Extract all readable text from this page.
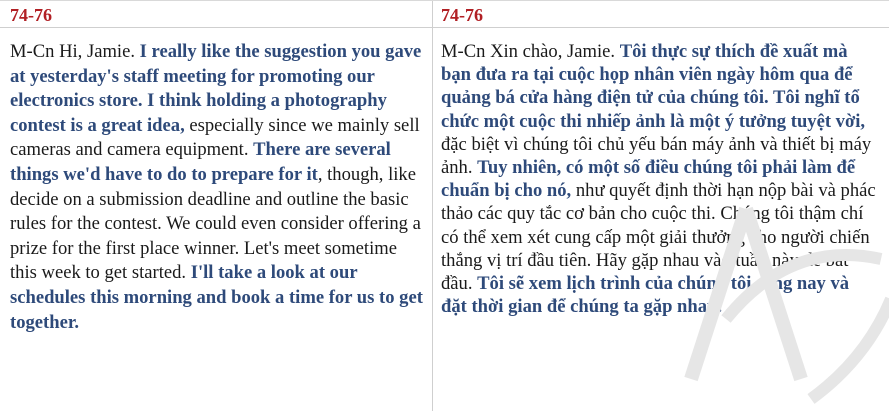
74-76

M-Cn Hi, Jamie. I really like the suggestion you gave at yesterday's staff meeting for promoting our electronics store. I think holding a photography contest is a great idea, especially since we mainly sell cameras and camera equipment. There are several things we'd have to do to prepare for it, though, like decide on a submission deadline and outline the basic rules for the contest. We could even consider offering a prize for the first place winner. Let's meet sometime this week to get started. I'll take a look at our schedules this morning and book a time for us to get together.

74-76

M-Cn Xin chào, Jamie. Tôi thực sự thích đề xuất mà bạn đưa ra tại cuộc họp nhân viên ngày hôm qua để quảng bá cửa hàng điện tử của chúng tôi. Tôi nghĩ tổ chức một cuộc thi nhiếp ảnh là một ý tưởng tuyệt vời, đặc biệt vì chúng tôi chủ yếu bán máy ảnh và thiết bị máy ảnh. Tuy nhiên, có một số điều chúng tôi phải làm để chuẩn bị cho nó, như quyết định thời hạn nộp bài và phác thảo các quy tắc cơ bản cho cuộc thi. Chúng tôi thậm chí có thể xem xét cung cấp một giải thưởng cho người chiến thắng vị trí đầu tiên. Hãy gặp nhau vào tuần này để bắt đầu. Tôi sẽ xem lịch trình của chúng tôi sáng nay và đặt thời gian để chúng ta gặp nhau.
